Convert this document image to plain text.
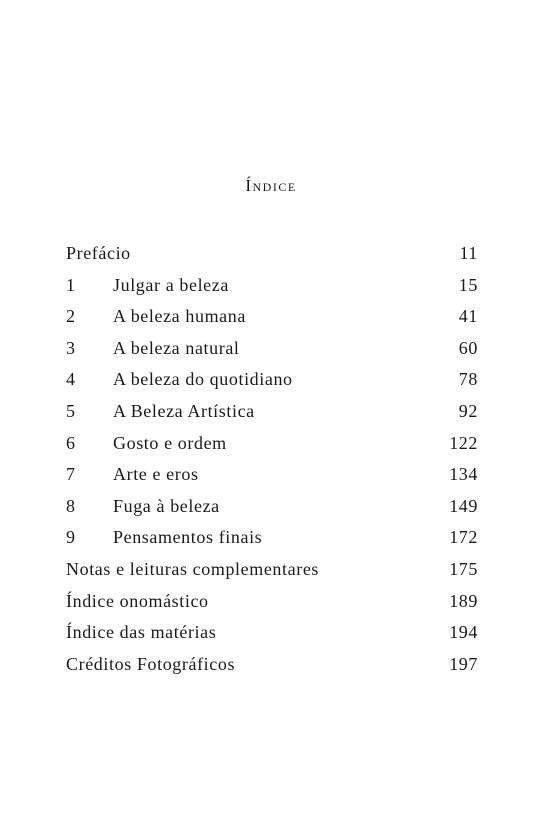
Índice
Prefácio	11
1	Julgar a beleza	15
2	A beleza humana	41
3	A beleza natural	60
4	A beleza do quotidiano	78
5	A Beleza Artística	92
6	Gosto e ordem	122
7	Arte e eros	134
8	Fuga à beleza	149
9	Pensamentos finais	172
Notas e leituras complementares	175
Índice onomástico	189
Índice das matérias	194
Créditos Fotográficos	197
